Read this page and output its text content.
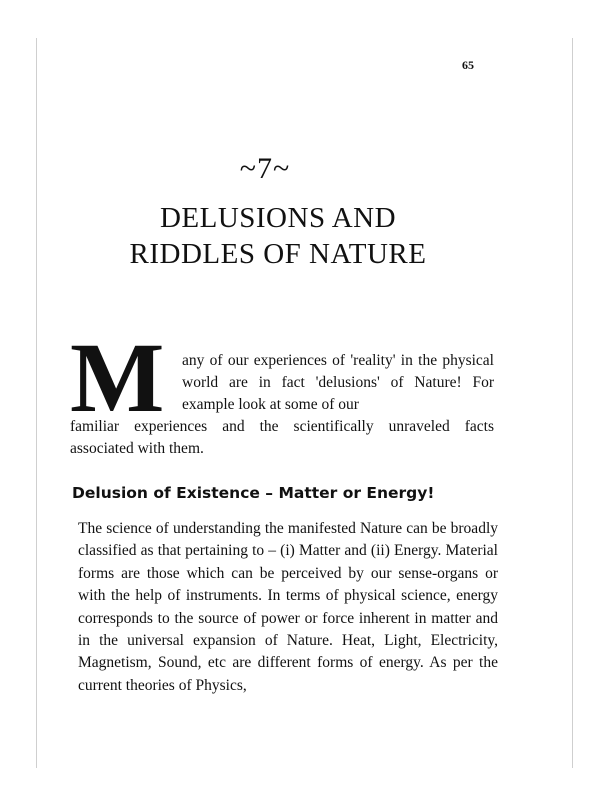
65
~7~
DELUSIONS AND
RIDDLES OF NATURE
M any of our experiences of 'reality' in the physical world are in fact 'delusions' of Nature! For example look at some of our

familiar experiences and the scientifically unraveled facts associated with them.

Delusion of Existence – Matter or Energy!

The science of understanding the manifested Nature can be broadly classified as that pertaining to – (i) Matter and (ii) Energy. Material forms are those which can be perceived by our sense-organs or with the help of instruments. In terms of physical science, energy corresponds to the source of power or force inherent in matter and in the universal expansion of Nature. Heat, Light, Electricity, Magnetism, Sound, etc are different forms of energy. As per the current theories of Physics,
